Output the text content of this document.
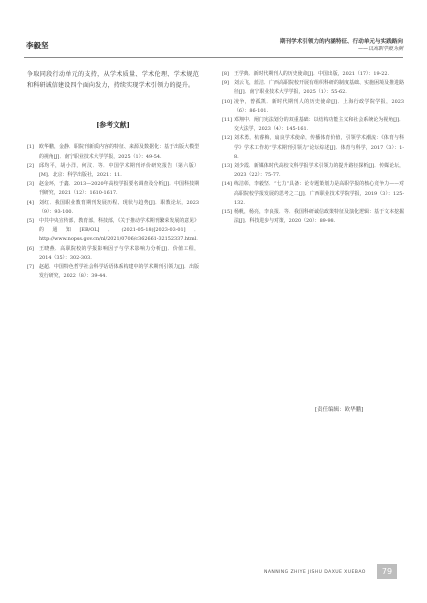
李毅坚	期刊学术引领力的内涵特征、行动单元与实践路向
——以高职学报为例

争取同段行动单元的支持，从学术质量、学术伦理、学术规范和科研诚信建设四个面向发力，持续实现学术引领力的提升。

[参考文献]
[1]	欧华鹏，金静．职院刊新质内容的特征、来源及数据化：基于出版大模型的视角[J]．南宁职业技术大学学报，2025（1）：49-54.
[2]	邱均平，胡小洋，何汶．等．中国学术期刊评价研究报告（第六版）[M]．北京：科学出版社，2021：11.
[3]	赵金环，于鑫．2013—2020年高校学报要名调查及分析[J]．中国科技期刊研究，2021（12）：1610-1617.
[4]	刘红．我国职业教育期刊发展历程、现状与趋势[J]．职教论坛，2023（9）：93-100.
[5]	中共中央宣传部，教育部，科技部，《关于推动学术期刊繁荣发展的意见》的通知[EB/OL]．(2021-05-18)[2023-03-01]．http://www.nopss.gov.cn/nl/2021/0706/c362661-32152337.html.
[6]	王晓燕．高职院校的学报影响因子与学术影响力分析[J]．价值工程，2014（35）：302-303.
[7]	赵超．中国特色哲学社会科学话语体系构建中的学术期刊引领力[J]．出版发行研究，2022（8）：39-44.
[8]	王学典．新时代期刊人的历史使命[J]．中国出版，2021（17）：19-22.
[9]	刘云飞，蓝洁．广西高职院校开展有组织科研的制度基础、实施困境及推进路径[J]．南宁职业技术大学学报，2025（1）：55-62.
[10] 凌争，曾孤凯．新时代期刊人的历史使命[J]．上海行政学院学报，2023（6）：86-101.
[11] 邓翔中．阐门宪法划分的双重基础：以结构功能主义和社会系统论为视角[J]．交大法学，2023（4）：145-161.
[12] 刘术勇，杭睿梅，扇良学术使命，传播体育价值，引领学术潮流：《体育与科学》学术工作坊“学术期刊引领力”论坛综述[J]．体育与科学，2017（3）：1-8.
[13] 刘少霞．新媒体时代高校文科学报学术引领力的提升路径探析[J]．传媒论坛，2023（22）：75-77.
[14] 练洁彰，李毅坚．“七力”具备：论专题策划力是高职学报的核心竞争力——对高职院校学报发展的思考之二[J]．广西职业技术学院学报，2019（3）：125-132.
[15] 杨帆，杨亮，李良报．等．我国科研诚信政策特征及演化逻辑：基于文本挖掘法[J]．科技进步与对策，2020（20）：89-98.
[责任编辑：欧华鹏]
NANNING ZHIYE JISHU DAXUE XUEBAO	79
